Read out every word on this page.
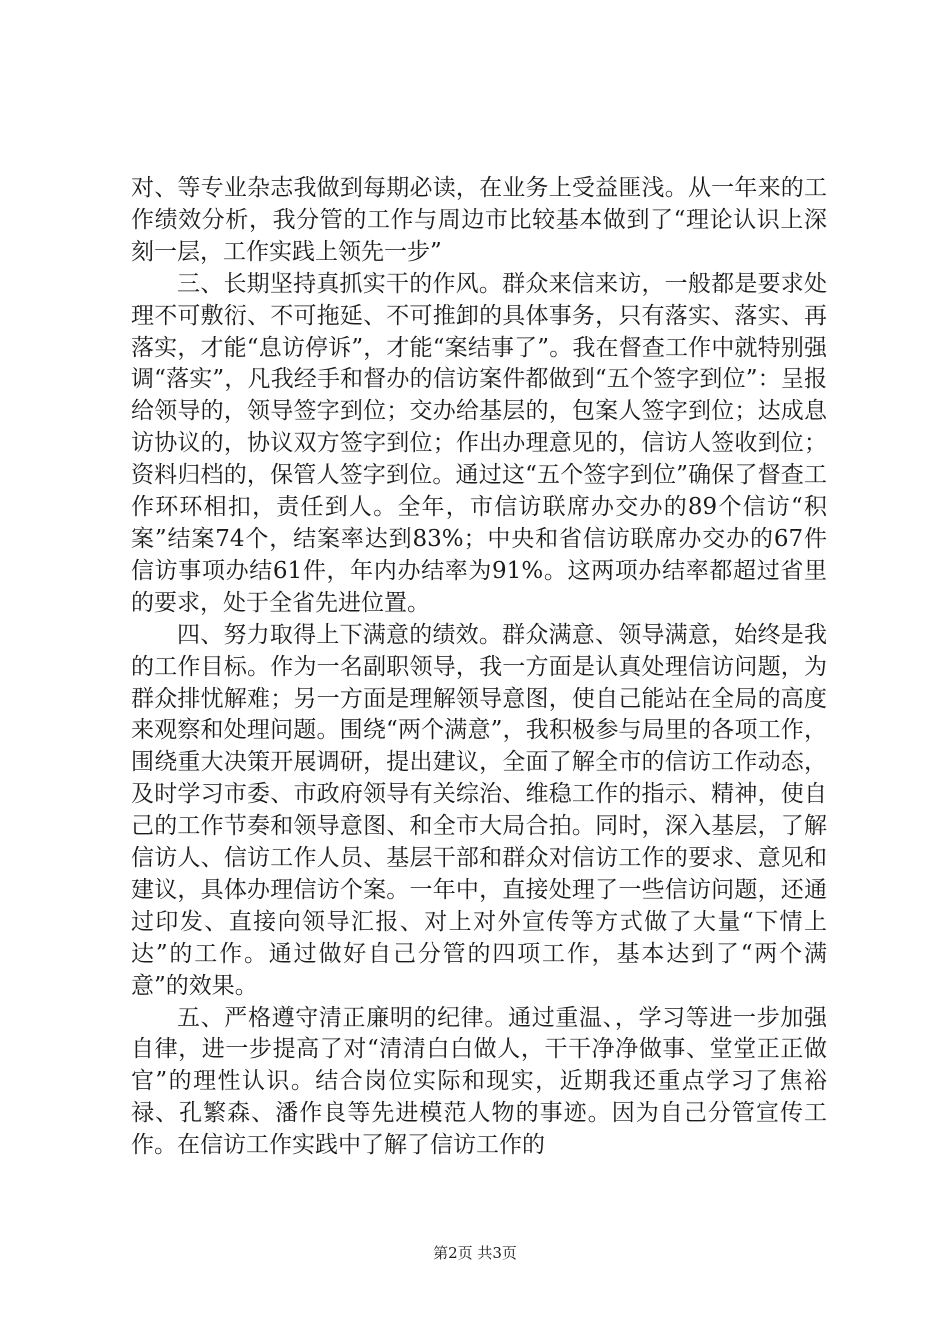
对、等专业杂志我做到每期必读，在业务上受益匪浅。从一年来的工作绩效分析，我分管的工作与周边市比较基本做到了“理论认识上深刻一层，工作实践上领先一步”

三、长期坚持真抓实干的作风。群众来信来访，一般都是要求处理不可敷衍、不可拖延、不可推卸的具体事务，只有落实、落实、再落实，才能“息访停诉”，才能“案结事了”。我在督查工作中就特别强调“落实”，凡我经手和督办的信访案件都做到“五个签字到位”：呈报给领导的，领导签字到位；交办给基层的，包案人签字到位；达成息访协议的，协议双方签字到位；作出办理意见的，信访人签收到位；资料归档的，保管人签字到位。通过这“五个签字到位”确保了督查工作环环相扣，责任到人。全年，市信访联席办交办的89个信访“积案”结案74个，结案率达到83%；中央和省信访联席办交办的67件信访事项办结61件，年内办结率为91%。这两项办结率都超过省里的要求，处于全省先进位置。

四、努力取得上下满意的绩效。群众满意、领导满意，始终是我的工作目标。作为一名副职领导，我一方面是认真处理信访问题，为群众排忧解难；另一方面是理解领导意图，使自己能站在全局的高度来观察和处理问题。围绕“两个满意”，我积极参与局里的各项工作，围绕重大决策开展调研，提出建议，全面了解全市的信访工作动态，及时学习市委、市政府领导有关综治、维稳工作的指示、精神，使自己的工作节奏和领导意图、和全市大局合拍。同时，深入基层，了解信访人、信访工作人员、基层干部和群众对信访工作的要求、意见和建议，具体办理信访个案。一年中，直接处理了一些信访问题，还通过印发、直接向领导汇报、对上对外宣传等方式做了大量“下情上达”的工作。通过做好自己分管的四项工作，基本达到了“两个满意”的效果。

五、严格遵守清正廉明的纪律。通过重温、，学习等进一步加强自律，进一步提高了对“清清白白做人，干干净净做事、堂堂正正做官”的理性认识。结合岗位实际和现实，近期我还重点学习了焦裕禄、孔繁森、潘作良等先进模范人物的事迹。因为自己分管宣传工作。在信访工作实践中了解了信访工作的

第2页 共3页
